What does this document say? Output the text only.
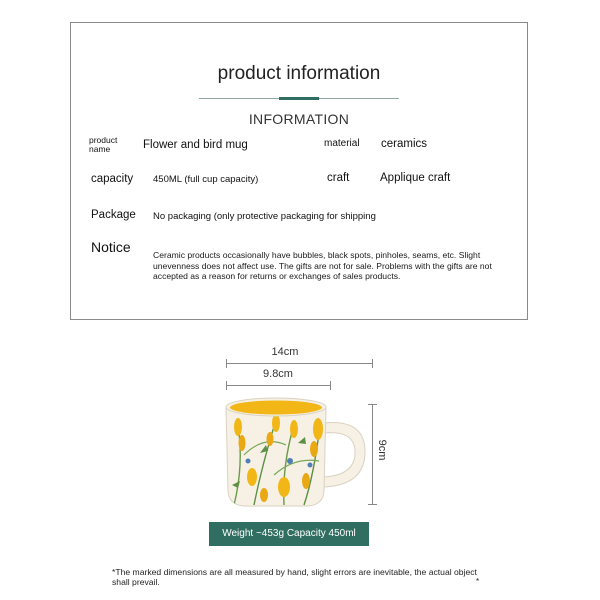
product information
INFORMATION
product name	Flower and bird mug	material ceramics
capacity 450ML (full cup capacity)	craft	Applique craft
Package No packaging (only protective packaging for shipping
Notice	Ceramic products occasionally have bubbles, black spots, pinholes, seams, etc. Slight unevenness does not affect use. The gifts are not for sale. Problems with the gifts are not accepted as a reason for returns or exchanges of sales products.
14cm
9.8cm
9cm
Weight ~453g Capacity 450ml
*The marked dimensions are all measured by hand, slight errors are inevitable, the actual object shall prevail.	*
